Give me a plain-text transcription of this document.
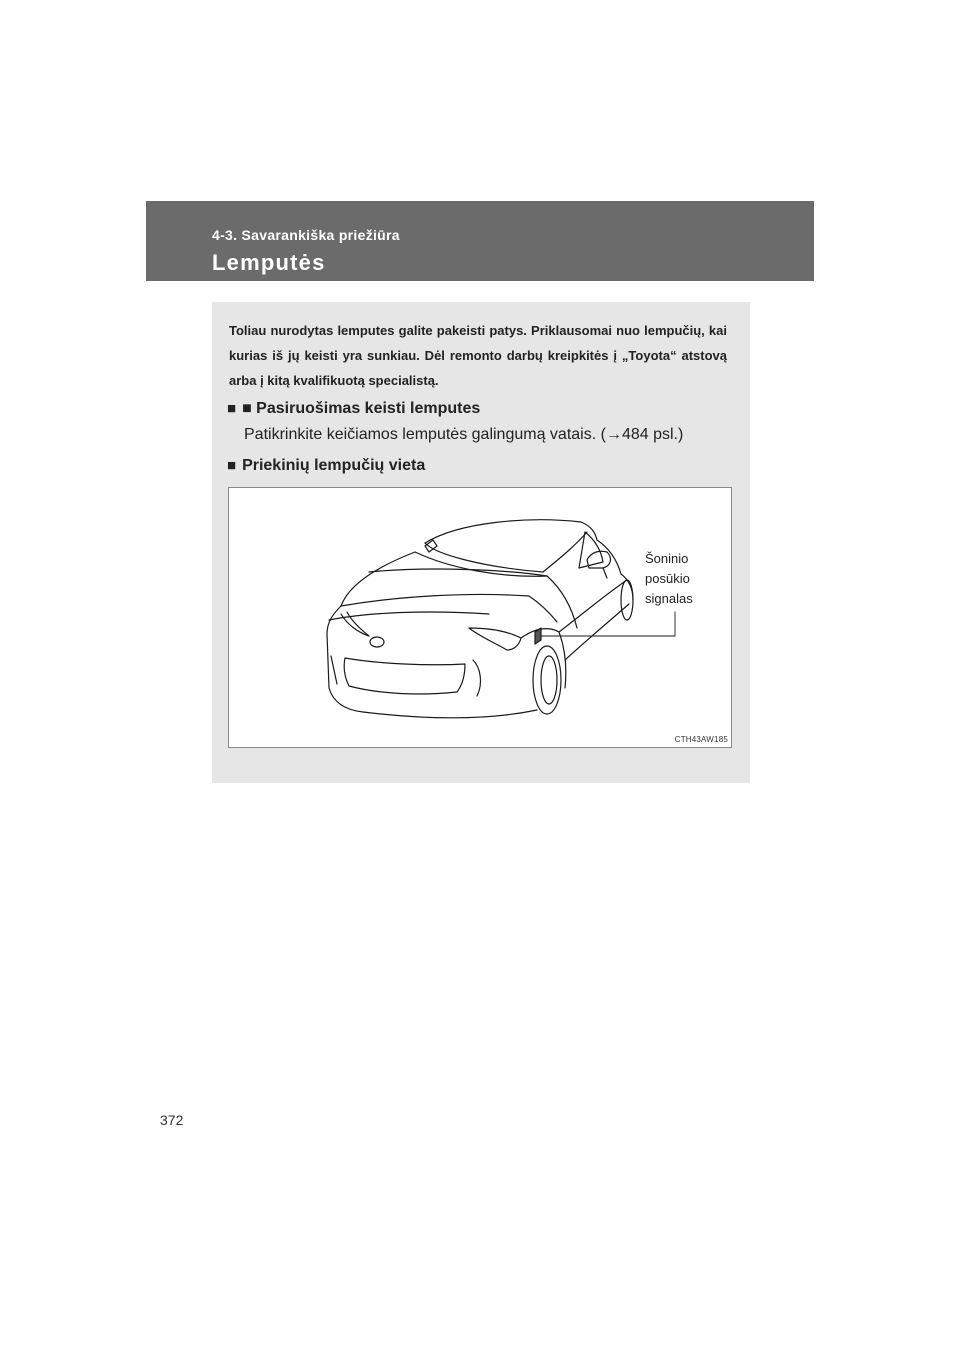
4-3. Savarankiška priežiūra
Lemputės
Toliau nurodytas lemputes galite pakeisti patys. Priklausomai nuo lempučių, kai kurias iš jų keisti yra sunkiau. Dėl remonto darbų kreipkitės į „Toyota“ atstovą arba į kitą kvalifikuotą specialistą.
■ ■ Pasiruošimas keisti lemputes
Patikrinkite keičiamos lemputės galingumą vatais. (→484 psl.)
■ Priekinių lempučių vieta
Šoninio
posūkio
signalas
CTH43AW185
372
